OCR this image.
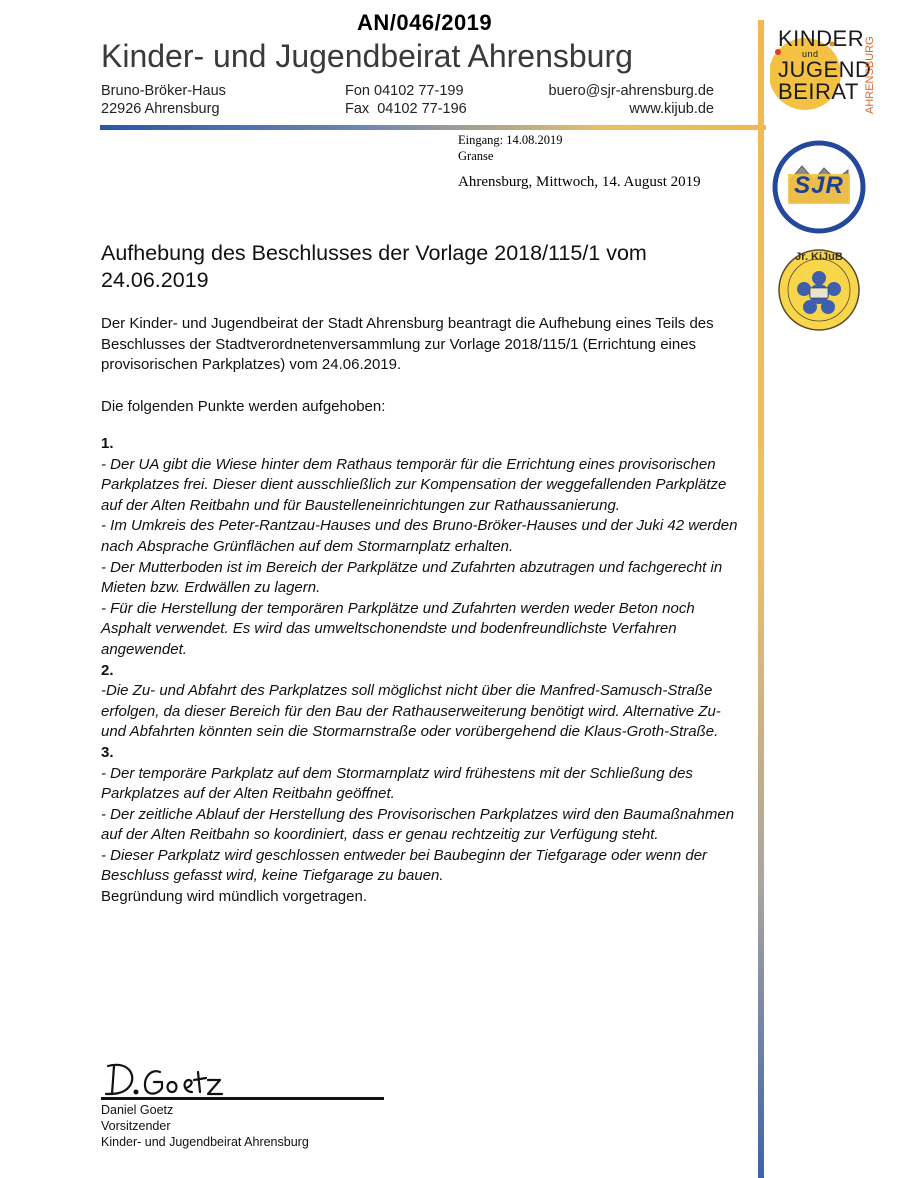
AN/046/2019
Kinder- und Jugendbeirat Ahrensburg
Bruno-Bröker-Haus
22926 Ahrensburg
Fon 04102 77-199
Fax  04102 77-196
buero@sjr-ahrensburg.de
www.kijub.de
KINDER
und
JUGEND
BEIRAT AHRENSBURG
SJR
Jr. KiJuB
Eingang: 14.08.2019
Granse
Ahrensburg, Mittwoch, 14. August 2019
Aufhebung des Beschlusses der Vorlage 2018/115/1 vom 24.06.2019
Der Kinder- und Jugendbeirat der Stadt Ahrensburg beantragt die Aufhebung eines Teils des Beschlusses der Stadtverordnetenversammlung zur Vorlage 2018/115/1 (Errichtung eines provisorischen Parkplatzes) vom 24.06.2019.
Die folgenden Punkte werden aufgehoben:

1.

- Der UA gibt die Wiese hinter dem Rathaus temporär für die Errichtung eines provisorischen Parkplatzes frei. Dieser dient ausschließlich zur Kompensation der weggefallenden Parkplätze auf der Alten Reitbahn und für Baustelleneinrichtungen zur Rathaussanierung.

- Im Umkreis des Peter-Rantzau-Hauses und des Bruno-Bröker-Hauses und der Juki 42 werden nach Absprache Grünflächen auf dem Stormarnplatz erhalten.

- Der Mutterboden ist im Bereich der Parkplätze und Zufahrten abzutragen und fachgerecht in Mieten bzw. Erdwällen zu lagern.

- Für die Herstellung der temporären Parkplätze und Zufahrten werden weder Beton noch Asphalt verwendet. Es wird das umweltschonendste und bodenfreundlichste Verfahren angewendet.

2.

-Die Zu- und Abfahrt des Parkplatzes soll möglichst nicht über die Manfred-Samusch-Straße erfolgen, da dieser Bereich für den Bau der Rathauserweiterung benötigt wird. Alternative Zu- und Abfahrten könnten sein die Stormarnstraße oder vorübergehend die Klaus-Groth-Straße.

3.

- Der temporäre Parkplatz auf dem Stormarnplatz wird frühestens mit der Schließung des Parkplatzes auf der Alten Reitbahn geöffnet.

- Der zeitliche Ablauf der Herstellung des Provisorischen Parkplatzes wird den Baumaßnahmen auf der Alten Reitbahn so koordiniert, dass er genau rechtzeitig zur Verfügung steht.

- Dieser Parkplatz wird geschlossen entweder bei Baubeginn der Tiefgarage oder wenn der Beschluss gefasst wird, keine Tiefgarage zu bauen.

Begründung wird mündlich vorgetragen.

Daniel Goetz
Vorsitzender
Kinder- und Jugendbeirat Ahrensburg
